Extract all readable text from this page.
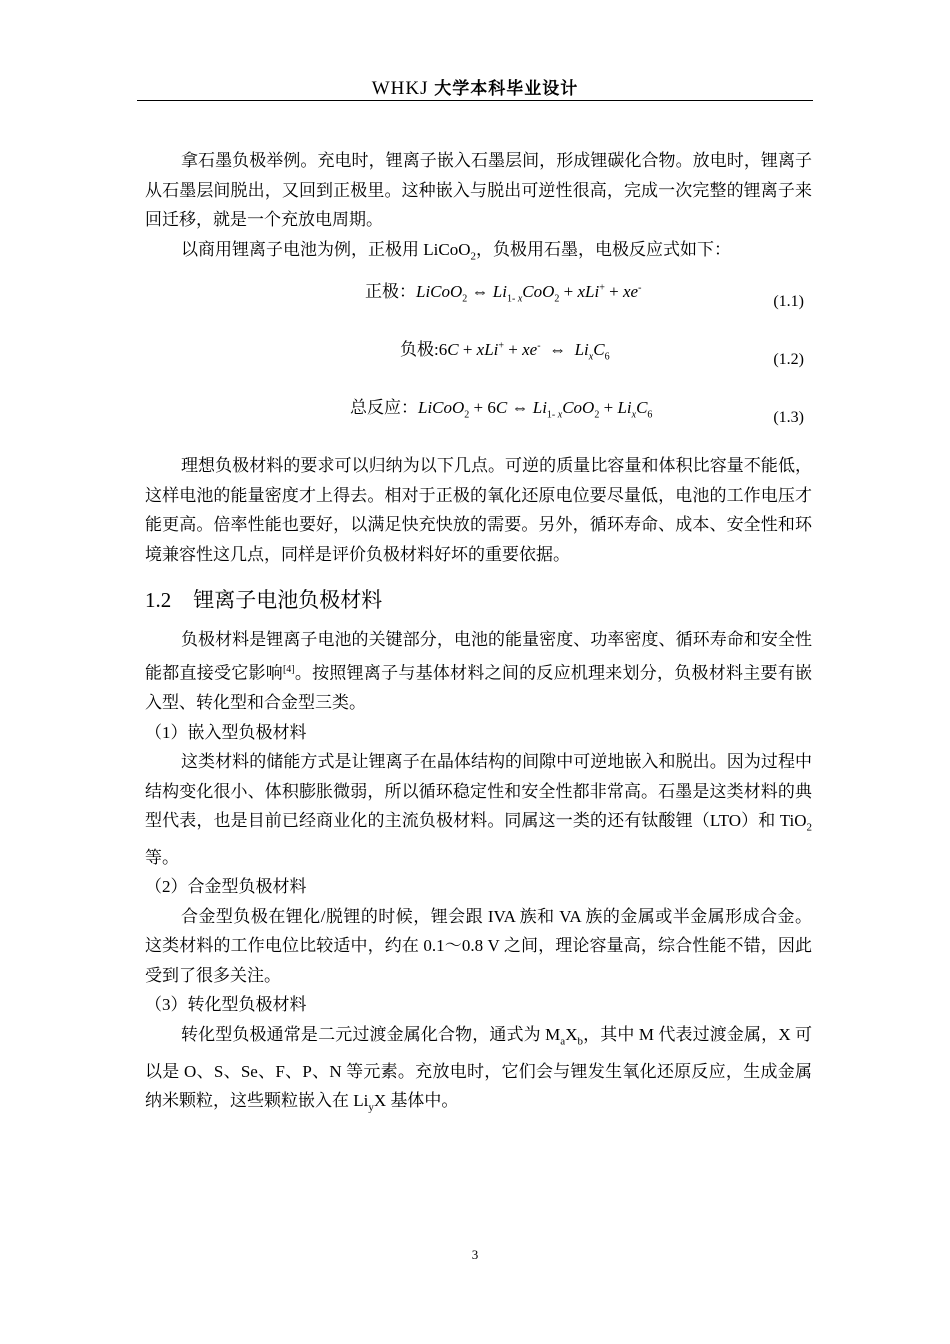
WHKJ 大学本科毕业设计

拿石墨负极举例。充电时，锂离子嵌入石墨层间，形成锂碳化合物。放电时，锂离子从石墨层间脱出，又回到正极里。这种嵌入与脱出可逆性很高，完成一次完整的锂离子来回迁移，就是一个充放电周期。

以商用锂离子电池为例，正极用 LiCoO$_2$，负极用石墨，电极反应式如下：

正极：LiCoO$_2$ ⇔ $Li_{1- x}CoO_2 + xLi^+ + xe^-$
(1.1)
负极:6C + xLi+ + xe-  ⇔  $Li_xC_6$	(1.2)
总反应：LiCoO$_2$ + 6C ⇔ $Li_{1- x}CoO_2 + Li_xC_6$	(1.3)

理想负极材料的要求可以归纳为以下几点。可逆的质量比容量和体积比容量不能低，这样电池的能量密度才上得去。相对于正极的氧化还原电位要尽量低，电池的工作电压才能更高。倍率性能也要好，以满足快充快放的需要。另外，循环寿命、成本、安全性和环境兼容性这几点，同样是评价负极材料好坏的重要依据。

1.2 锂离子电池负极材料

负极材料是锂离子电池的关键部分，电池的能量密度、功率密度、循环寿命和安全性能都直接受它影响[4]。按照锂离子与基体材料之间的反应机理来划分，负极材料主要有嵌入型、转化型和合金型三类。

（1）嵌入型负极材料

这类材料的储能方式是让锂离子在晶体结构的间隙中可逆地嵌入和脱出。因为过程中结构变化很小、体积膨胀微弱，所以循环稳定性和安全性都非常高。石墨是这类材料的典型代表，也是目前已经商业化的主流负极材料。同属这一类的还有钛酸锂（LTO）和 TiO$_2$等。

（2）合金型负极材料

合金型负极在锂化/脱锂的时候，锂会跟 IVA 族和 VA 族的金属或半金属形成合金。这类材料的工作电位比较适中，约在 0.1～0.8 V 之间，理论容量高，综合性能不错，因此受到了很多关注。

（3）转化型负极材料

转化型负极通常是二元过渡金属化合物，通式为 $M_aX_b$，其中 M 代表过渡金属，X 可以是 O、S、Se、F、P、N 等元素。充放电时，它们会与锂发生氧化还原反应，生成金属纳米颗粒，这些颗粒嵌入在 $Li_yX$ 基体中。

3
